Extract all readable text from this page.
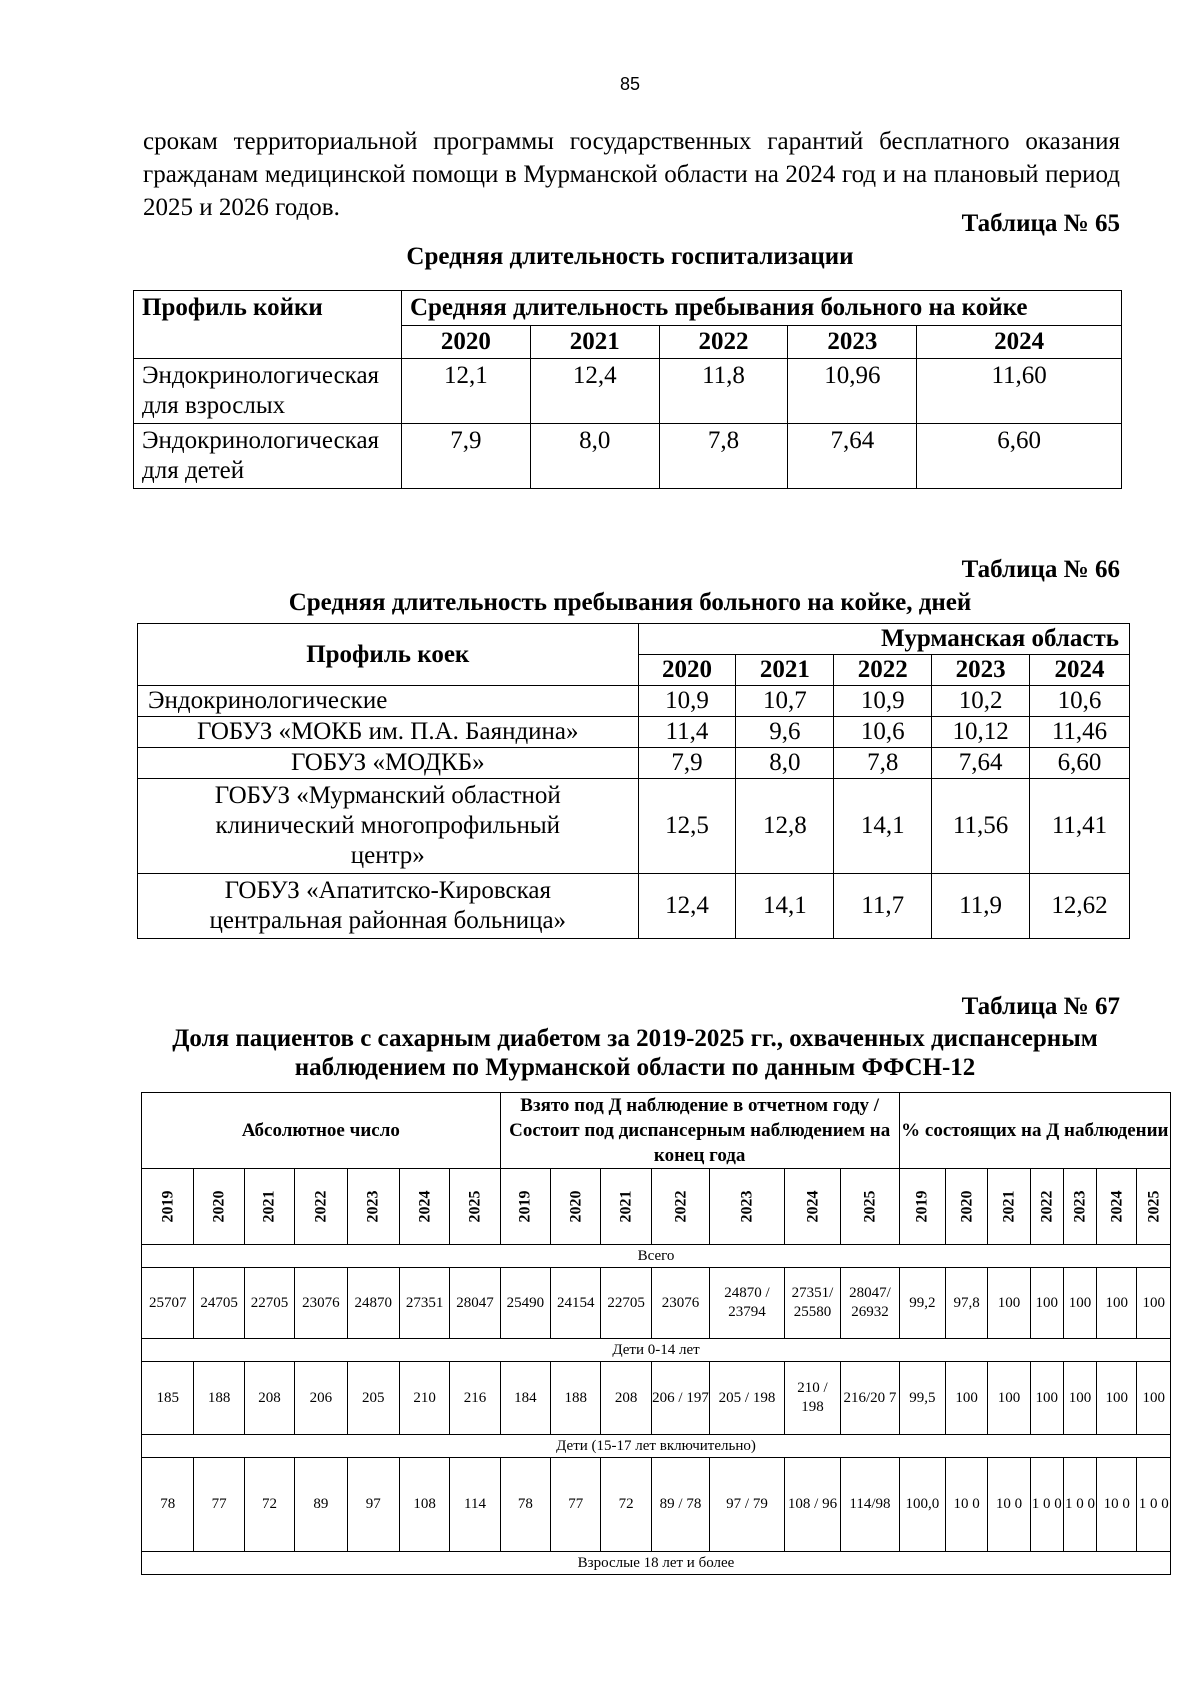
85
срокам территориальной программы государственных гарантий бесплатного оказания гражданам медицинской помощи в Мурманской области на 2024 год и на плановый период 2025 и 2026 годов.
Таблица № 65
Средняя длительность госпитализации
Профиль койки	Средняя длительность пребывания больного на койке				
	2020	2021	2022	2023	2024
Эндокринологическая для взрослых	12,1	12,4	11,8	10,96	11,60
Эндокринологическая для детей	7,9	8,0	7,8	7,64	6,60
Таблица № 66
Средняя длительность пребывания больного на койке, дней
Профиль коек	Мурманская область				
	2020	2021	2022	2023	2024
Эндокринологические	10,9	10,7	10,9	10,2	10,6
ГОБУЗ «МОКБ им. П.А. Баяндина»	11,4	9,6	10,6	10,12	11,46
ГОБУЗ «МОДКБ»	7,9	8,0	7,8	7,64	6,60
ГОБУЗ «Мурманский областной клинический многопрофильный центр»	12,5	12,8	14,1	11,56	11,41
ГОБУЗ «Апатитско-Кировская центральная районная больница»	12,4	14,1	11,7	11,9	12,62
Таблица № 67
Доля пациентов с сахарным диабетом за 2019-2025 гг., охваченных диспансерным наблюдением по Мурманской области по данным ФФСН-12
Абсолютное число							Взято под Д наблюдение в отчетном году / Состоит под диспансерным наблюдением на конец года							% состоящих на Д наблюдении						
2019	2020	2021	2022	2023	2024	2025	2019	2020	2021	2022	2023	2024	2025	2019	2020	2021	2022	2023	2024	2025
Всего																				
25707	24705	22705	23076	24870	27351	28047	25490	24154	22705	23076	24870 / 23794	27351/ 25580	28047/ 26932	99,2	97,8	100	100	100	100	100
Дети 0-14 лет																				
185	188	208	206	205	210	216	184	188	208	206 / 197	205 / 198	210 / 198	216/20 7	99,5	100	100	100	100	100	100
Дети (15-17 лет включительно)																				
78	77	72	89	97	108	114	78	77	72	89 / 78	97 / 79	108 / 96	114/98	100,0	10 0	10 0	1 0 0	1 0 0	10 0	1 0 0
Взрослые 18 лет и более																				
